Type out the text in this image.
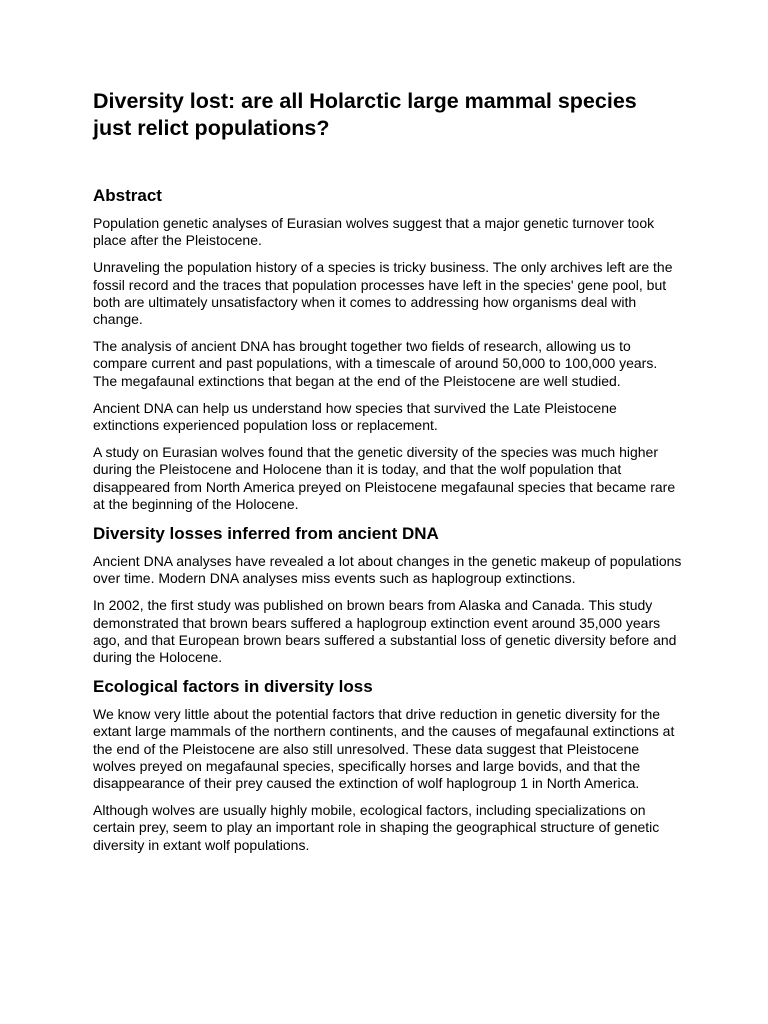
Diversity lost: are all Holarctic large mammal species just relict populations?
Abstract

Population genetic analyses of Eurasian wolves suggest that a major genetic turnover took place after the Pleistocene.

Unraveling the population history of a species is tricky business. The only archives left are the fossil record and the traces that population processes have left in the species' gene pool, but both are ultimately unsatisfactory when it comes to addressing how organisms deal with change.

The analysis of ancient DNA has brought together two fields of research, allowing us to compare current and past populations, with a timescale of around 50,000 to 100,000 years. The megafaunal extinctions that began at the end of the Pleistocene are well studied.

Ancient DNA can help us understand how species that survived the Late Pleistocene extinctions experienced population loss or replacement.

A study on Eurasian wolves found that the genetic diversity of the species was much higher during the Pleistocene and Holocene than it is today, and that the wolf population that disappeared from North America preyed on Pleistocene megafaunal species that became rare at the beginning of the Holocene.

Diversity losses inferred from ancient DNA

Ancient DNA analyses have revealed a lot about changes in the genetic makeup of populations over time. Modern DNA analyses miss events such as haplogroup extinctions.

In 2002, the first study was published on brown bears from Alaska and Canada. This study demonstrated that brown bears suffered a haplogroup extinction event around 35,000 years ago, and that European brown bears suffered a substantial loss of genetic diversity before and during the Holocene.

Ecological factors in diversity loss

We know very little about the potential factors that drive reduction in genetic diversity for the extant large mammals of the northern continents, and the causes of megafaunal extinctions at the end of the Pleistocene are also still unresolved. These data suggest that Pleistocene wolves preyed on megafaunal species, specifically horses and large bovids, and that the disappearance of their prey caused the extinction of wolf haplogroup 1 in North America.

Although wolves are usually highly mobile, ecological factors, including specializations on certain prey, seem to play an important role in shaping the geographical structure of genetic diversity in extant wolf populations.
